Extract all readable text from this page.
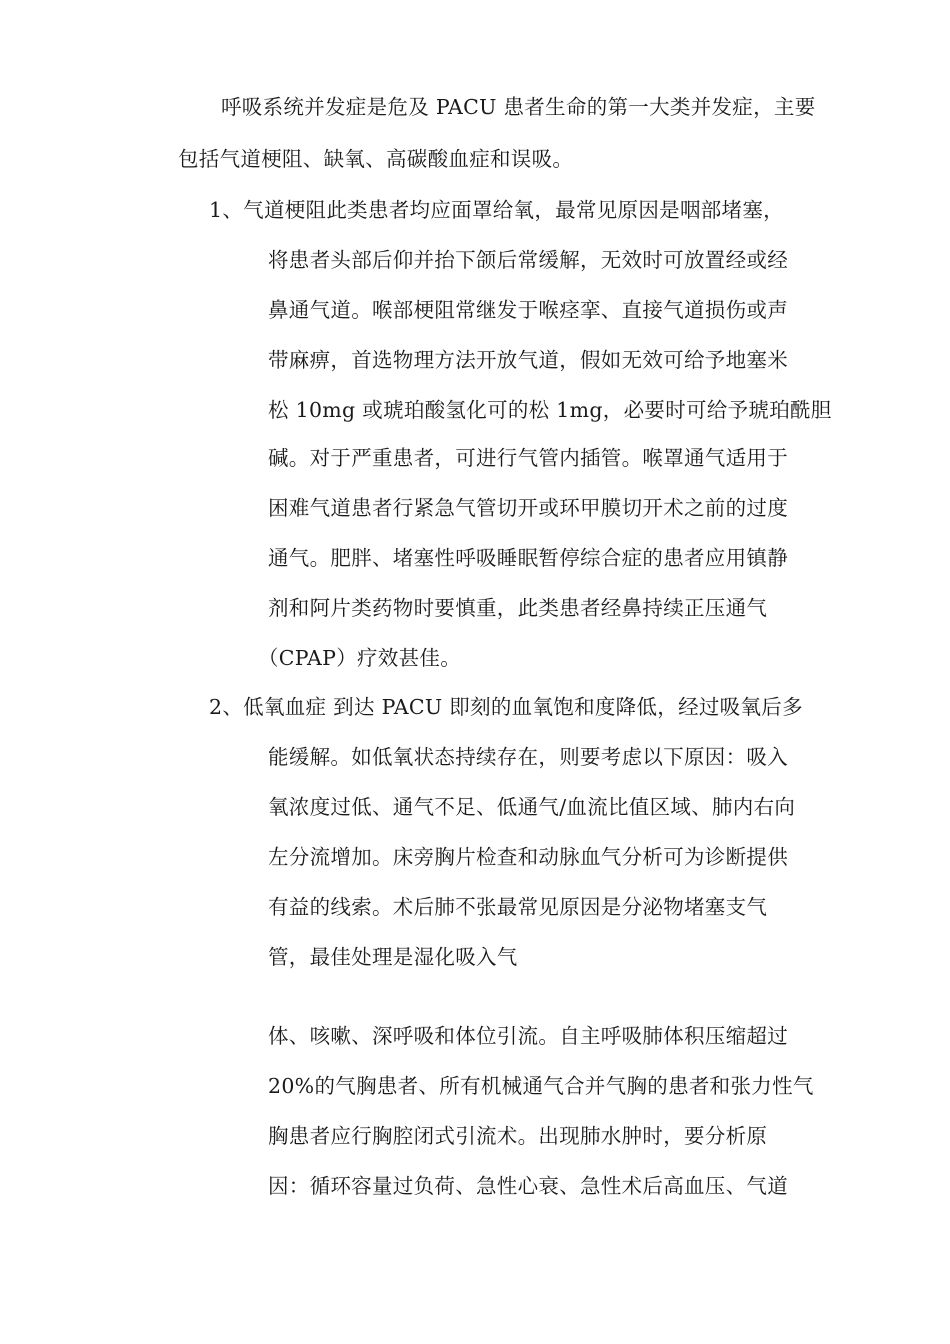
呼吸系统并发症是危及 PACU 患者生命的第一大类并发症，主要
包括气道梗阻、缺氧、高碳酸血症和误吸。
1、气道梗阻此类患者均应面罩给氧，最常见原因是咽部堵塞，
将患者头部后仰并抬下颌后常缓解，无效时可放置经或经
鼻通气道。喉部梗阻常继发于喉痉挛、直接气道损伤或声
带麻痹，首选物理方法开放气道，假如无效可给予地塞米
松 10mg 或琥珀酸氢化可的松 1mg，必要时可给予琥珀酰胆
碱。对于严重患者，可进行气管内插管。喉罩通气适用于
困难气道患者行紧急气管切开或环甲膜切开术之前的过度
通气。肥胖、堵塞性呼吸睡眠暂停综合症的患者应用镇静
剂和阿片类药物时要慎重，此类患者经鼻持续正压通气
（CPAP）疗效甚佳。
2、低氧血症 到达 PACU 即刻的血氧饱和度降低，经过吸氧后多
能缓解。如低氧状态持续存在，则要考虑以下原因：吸入
氧浓度过低、通气不足、低通气/血流比值区域、肺内右向
左分流增加。床旁胸片检查和动脉血气分析可为诊断提供
有益的线索。术后肺不张最常见原因是分泌物堵塞支气
管，最佳处理是湿化吸入气
体、咳嗽、深呼吸和体位引流。自主呼吸肺体积压缩超过
20%的气胸患者、所有机械通气合并气胸的患者和张力性气
胸患者应行胸腔闭式引流术。出现肺水肿时，要分析原
因：循环容量过负荷、急性心衰、急性术后高血压、气道
